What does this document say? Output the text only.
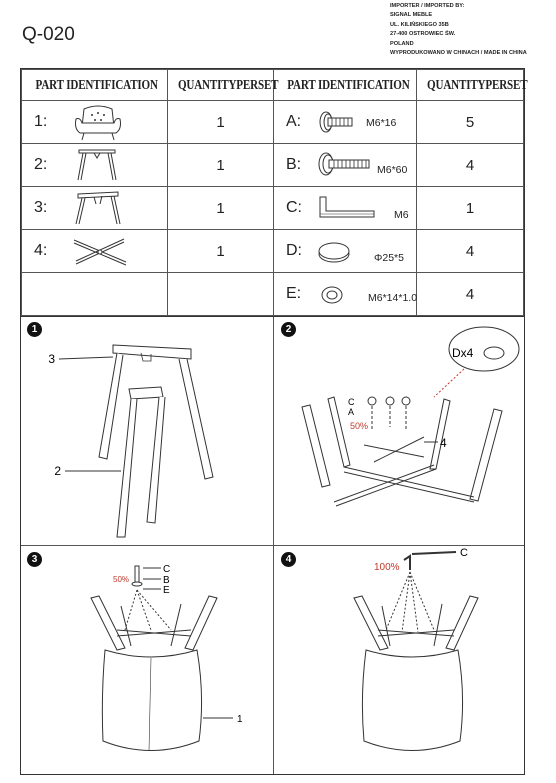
Q-020
IMPORTER / IMPORTED BY:
SIGNAL MEBLE
UL. KILIŃSKIEGO 35B
27-400 OSTROWIEC ŚW.
POLAND
WYPRODUKOWANO W CHINACH / MADE IN CHINA
PART IDENTIFICATION	QUANTITYPERSET	PART IDENTIFICATION	QUANTITYPERSET

1:	1	A: M6*16	5

2:	1	B: M6*60	4

3:	1	C: M6	1

4:	1	D: Φ25*5	4

		E: M6*14*1.0	4
1
3
2
2
Dx4
C
A
50%
4
3
50%
C
B
E
1
4
C
100%
